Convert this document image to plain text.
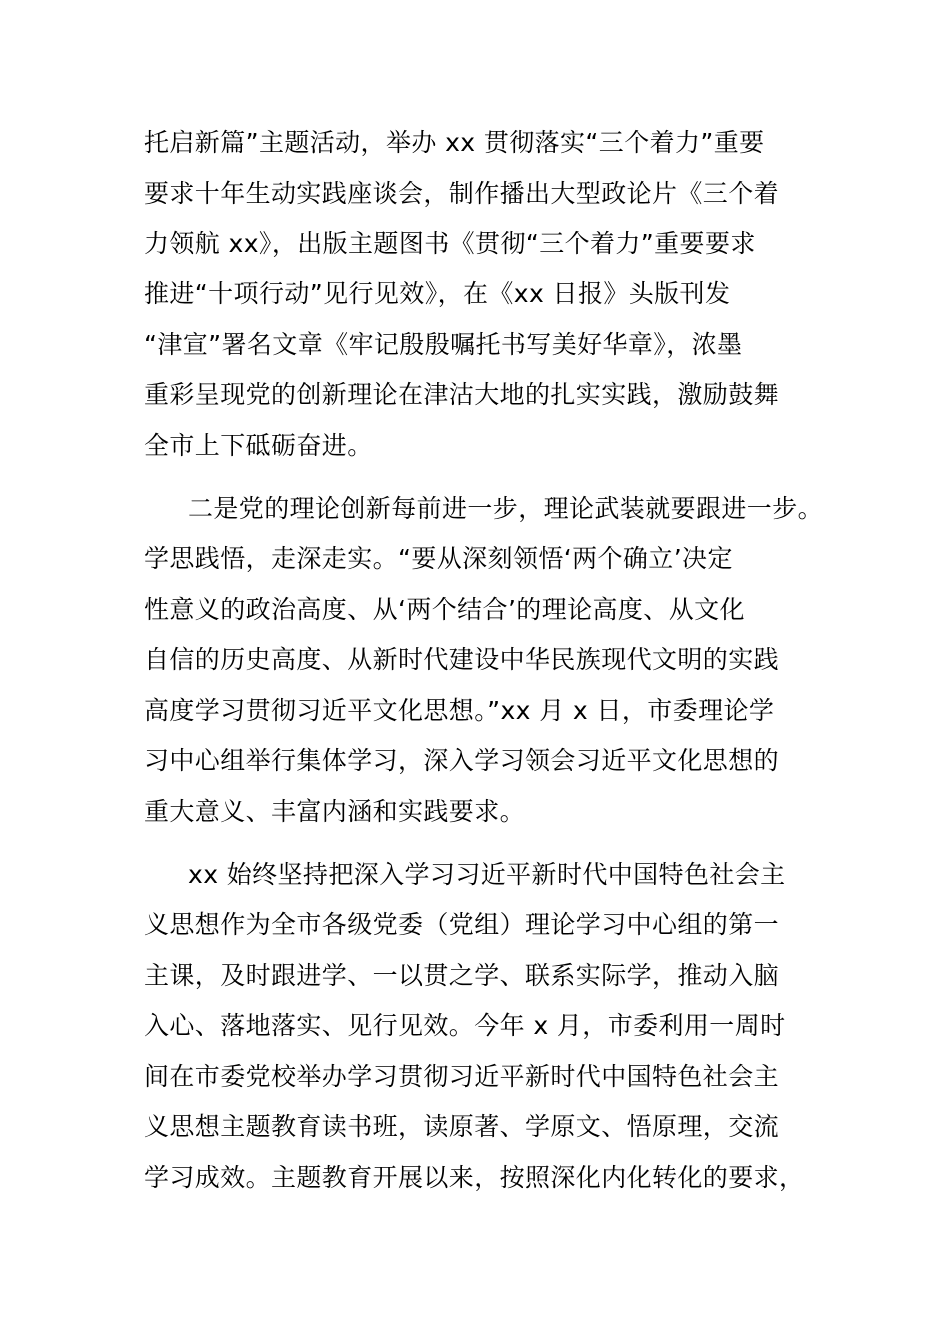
托启新篇”主题活动，举办 xx 贯彻落实“三个着力”重要
要求十年生动实践座谈会，制作播出大型政论片《三个着
力领航 xx》，出版主题图书《贯彻“三个着力”重要要求
推进“十项行动”见行见效》，在《xx 日报》头版刊发
“津宣”署名文章《牢记殷殷嘱托书写美好华章》，浓墨
重彩呈现党的创新理论在津沽大地的扎实实践，激励鼓舞
全市上下砥砺奋进。
二是党的理论创新每前进一步，理论武装就要跟进一步。
学思践悟，走深走实。“要从深刻领悟‘两个确立’决定
性意义的政治高度、从‘两个结合’的理论高度、从文化
自信的历史高度、从新时代建设中华民族现代文明的实践
高度学习贯彻习近平文化思想。”xx 月 x 日，市委理论学
习中心组举行集体学习，深入学习领会习近平文化思想的
重大意义、丰富内涵和实践要求。
xx 始终坚持把深入学习习近平新时代中国特色社会主
义思想作为全市各级党委（党组）理论学习中心组的第一
主课，及时跟进学、一以贯之学、联系实际学，推动入脑
入心、落地落实、见行见效。今年 x 月，市委利用一周时
间在市委党校举办学习贯彻习近平新时代中国特色社会主
义思想主题教育读书班，读原著、学原文、悟原理，交流
学习成效。主题教育开展以来，按照深化内化转化的要求，
